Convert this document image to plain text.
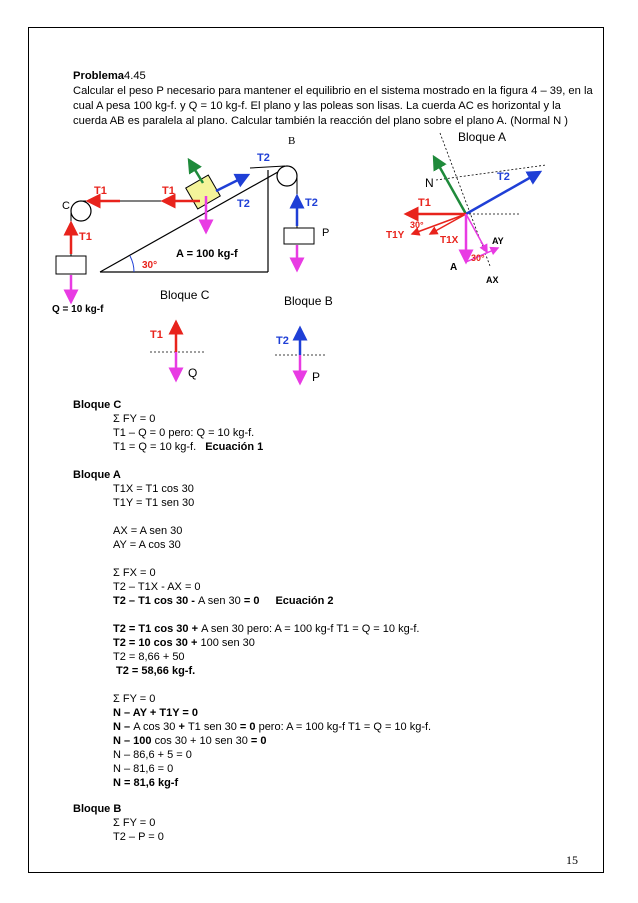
Problema4.45
Calcular el peso P necesario para mantener el equilibrio en el sistema mostrado en la figura 4 – 39, en la cual A pesa 100 kg-f. y Q = 10 kg-f. El plano y las poleas son lisas. La cuerda AC es horizontal y la cuerda AB es paralela al plano. Calcular también la reacción del plano sobre el plano A. (Normal N )
30°
B
C
P
T1	T1
T2
T2
A = 100 kg-f
T1
Q = 10 kg-f
T2
Bloque A
N	T2
T1
T1Y	T1X
30°
A
30°
AY
AX
Bloque C
T1
Q
Bloque B
T2
P
Bloque C
Σ FY = 0
T1 – Q = 0 pero: Q = 10 kg-f.
T1 = Q = 10 kg-f. Ecuación 1
Bloque A
T1X = T1 cos 30
T1Y = T1 sen 30
AX = A sen 30
AY = A cos 30
Σ FX = 0
T2 – T1X - AX = 0
T2 – T1 cos 30 - A sen 30 = 0 Ecuación 2
T2 = T1 cos 30 + A sen 30 pero: A = 100 kg-f T1 = Q = 10 kg-f.
T2 = 10 cos 30 + 100 sen 30
T2 = 8,66 + 50
T2 = 58,66 kg-f.
Σ FY = 0
N – AY + T1Y = 0
N – A cos 30 + T1 sen 30 = 0 pero: A = 100 kg-f T1 = Q = 10 kg-f.
N – 100 cos 30 + 10 sen 30 = 0
N – 86,6 + 5 = 0
N – 81,6 = 0
N = 81,6 kg-f
Bloque B
Σ FY = 0
T2 – P = 0
15
